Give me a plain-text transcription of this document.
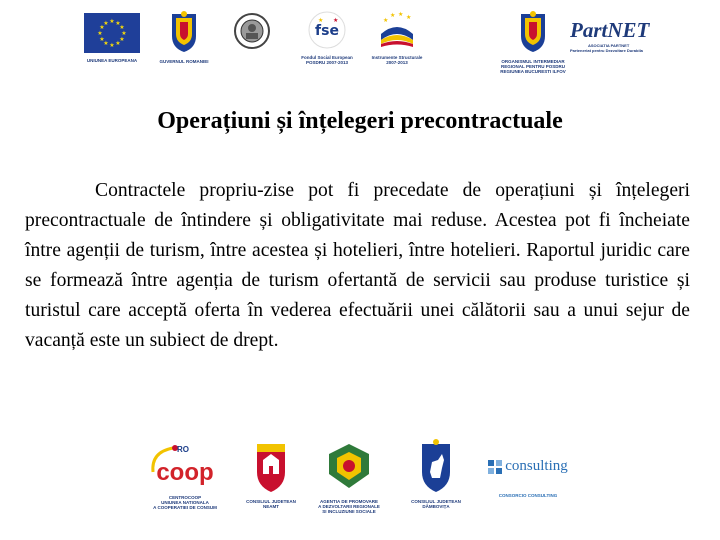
★ ★
★
★
★
★
★
★
★
★
★
★
UNIUNEA EUROPEANA	GUVERNUL ROMANIEI
fse
★ ★
Fondul Social European
POSDRU 2007-2013
★
★ ★ ★
Instrumente Structurale
2007-2013	ORGANISMUL INTERMEDIAR
REGIONAL PENTRU POSDRU
REGIUNEA BUCURESTI ILFOV
PartNET
ASOCIATIA PARTNET
Parteneriat pentru Dezvoltare Durabila
Operațiuni și înțelegeri precontractuale
Contractele propriu-zise pot fi precedate de operațiuni și înțelegeri precontractuale de întindere și obligativitate mai reduse. Acestea pot fi încheiate între agenții de turism, între acestea și hotelieri, între hotelieri. Raportul juridic care se formează între agenția de turism ofertantă de servicii sau produse turistice și turistul care acceptă oferta în vederea efectuării unei călătorii sau a unui sejur de vacanță este un subiect de drept.
RO
coop
CENTROCOOP
UNIUNEA NATIONALA
A COOPERATIEI DE CONSUM
CONSILIUL JUDETEAN
NEAMT
AGENTIA DE PROMOVARE
A DEZVOLTARII REGIONALE
SI INCLUZIUNII SOCIALE
CONSILIUL JUDETEAN
DÂMBOVIȚA
consulting
CONSORCIO CONSULTING
